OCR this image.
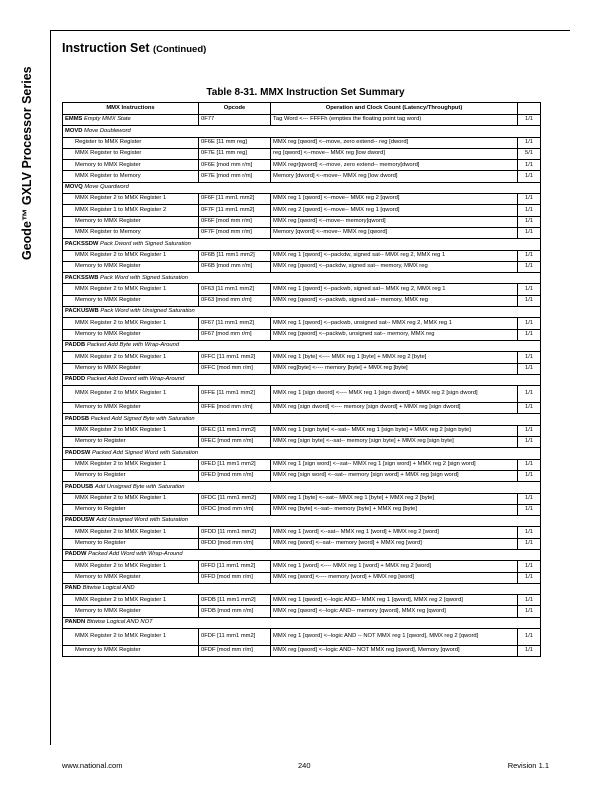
Geode™ GXLV Processor Series
Instruction Set (Continued)
Table 8-31. MMX Instruction Set Summary
MMX Instructions	Opcode	Operation and Clock Count (Latency/Throughput)	
EMMS Empty MMX State	0F77	Tag Word <--- FFFFh (empties the floating point tag word)	1/1
MOVD Move Doubleword			
Register to MMX Register	0F6E [11 mm reg]	MMX reg [qword] <--move, zero extend-- reg [dword]	1/1
MMX Register to Register	0F7E [11 mm reg]	reg [qword] <--move-- MMX reg [low dword]	5/1
Memory to MMX Register	0F6E [mod mm r/m]	MMX regr[qword] <--move, zero extend-- memory[dword]	1/1
MMX Register to Memory	0F7E [mod mm r/m]	Memory [dword] <--move-- MMX reg [low dword]	1/1
MOVQ Move Quardword			
MMX Register 2 to MMX Register 1	0F6F [11 mm1 mm2]	MMX reg 1 [qword] <--move-- MMX reg 2 [qword]	1/1
MMX Register 1 to MMX Register 2	0F7F [11 mm1 mm2]	MMX reg 2 [qword] <--move-- MMX reg 1 [qword]	1/1
Memory to MMX Register	0F6F [mod mm r/m]	MMX reg [qword] <--move-- memory[qword]	1/1
MMX Register to Memory	0F7F [mod mm r/m]	Memory [qword] <--move-- MMX reg [qword]	1/1
PACKSSDW Pack Dword with Signed Saturation			
MMX Register 2 to MMX Register 1	0F6B [11 mm1 mm2]	MMX reg 1 [qword] <--packdw, signed sat-- MMX reg 2, MMX reg 1	1/1
Memory to MMX Register	0F6B [mod mm r/m]	MMX reg [qword] <--packdw, signed sat-- memory, MMX reg	1/1
PACKSSWB Pack Word with Signed Saturation			
MMX Register 2 to MMX Register 1	0F63 [11 mm1 mm2]	MMX reg 1 [qword] <--packwb, signed sat-- MMX reg 2, MMX reg 1	1/1
Memory to MMX Register	0F63 [mod mm r/m]	MMX reg [qword] <--packwb, signed sat-- memory, MMX reg	1/1
PACKUSWB Pack Word with Unsigned Saturation			
MMX Register 2 to MMX Register 1	0F67 [11 mm1 mm2]	MMX reg 1 [qword] <--packwb, unsigned sat-- MMX reg 2, MMX reg 1	1/1
Memory to MMX Register	0F67 [mod mm r/m]	MMX reg [qword] <--packwb, unsigned sat-- memory, MMX reg	1/1
PADDB Packed Add Byte with Wrap-Around			
MMX Register 2 to MMX Register 1	0FFC [11 mm1 mm2]	MMX reg 1 [byte] <---- MMX reg 1 [byte] + MMX reg 2 [byte]	1/1
Memory to MMX Register	0FFC [mod mm r/m]	MMX reg[byte] <---- memory [byte] + MMX reg [byte]	1/1
PADDD Packed Add Dword with Wrap-Around			
MMX Register 2 to MMX Register 1	0FFE [11 mm1 mm2]	MMX reg 1 [sign dword] <---- MMX reg 1 [sign dword] + MMX reg 2 [sign dword]	1/1
Memory to MMX Register	0FFE [mod mm r/m]	MMX reg [sign dword] <---- memory [sign dword] + MMX reg [sign dword]	1/1
PADDSB Packed Add Signed Byte with Saturation			
MMX Register 2 to MMX Register 1	0FEC [11 mm1 mm2]	MMX reg 1 [sign byte] <--sat-- MMX reg 1 [sign byte] + MMX reg 2 [sign byte]	1/1
Memory to Register	0FEC [mod mm r/m]	MMX reg [sign byte] <--sat-- memory [sign byte] + MMX reg [sign byte]	1/1
PADDSW Packed Add Signed Word with Saturation			
MMX Register 2 to MMX Register 1	0FED [11 mm1 mm2]	MMX reg 1 [sign word] <--sat-- MMX reg 1 [sign word] + MMX reg 2 [sign word]	1/1
Memory to Register	0FED [mod mm r/m]	MMX reg [sign word] <--sat-- memory [sign word] + MMX reg [sign word]	1/1
PADDUSB Add Unsigned Byte with Saturation			
MMX Register 2 to MMX Register 1	0FDC [11 mm1 mm2]	MMX reg 1 [byte] <--sat-- MMX reg 1 [byte] + MMX reg 2 [byte]	1/1
Memory to Register	0FDC [mod mm r/m]	MMX reg [byte] <--sat-- memory [byte] + MMX reg [byte]	1/1
PADDUSW Add Unsigned Word with Saturation			
MMX Register 2 to MMX Register 1	0FDD [11 mm1 mm2]	MMX reg 1 [word] <--sat-- MMX reg 1 [word] + MMX reg 2 [word]	1/1
Memory to Register	0FDD [mod mm r/m]	MMX reg [word] <--sat-- memory [word] + MMX reg [word]	1/1
PADDW Packed Add Word with Wrap-Around			
MMX Register 2 to MMX Register 1	0FFD [11 mm1 mm2]	MMX reg 1 [word] <---- MMX reg 1 [word] + MMX reg 2 [word]	1/1
Memory to MMX Register	0FFD [mod mm r/m]	MMX reg [word] <---- memory [word] + MMX reg [word]	1/1
PAND Bitwise Logical AND			
MMX Register 2 to MMX Register 1	0FDB [11 mm1 mm2]	MMX reg 1 [qword] <--logic AND-- MMX reg 1 [qword], MMX reg 2 [qword]	1/1
Memory to MMX Register	0FDB [mod mm r/m]	MMX reg [qword] <--logic AND-- memory [qword], MMX reg [qword]	1/1
PANDN Bitwise Logical AND NOT			
MMX Register 2 to MMX Register 1	0FDF [11 mm1 mm2]	MMX reg 1 [qword] <--logic AND -- NOT MMX reg 1 [qword], MMX reg 2 [qword]	1/1
Memory to MMX Register	0FDF [mod mm r/m]	MMX reg [qword] <--logic AND-- NOT MMX reg [qword], Memory [qword]	1/1
www.national.com	240	Revision 1.1
